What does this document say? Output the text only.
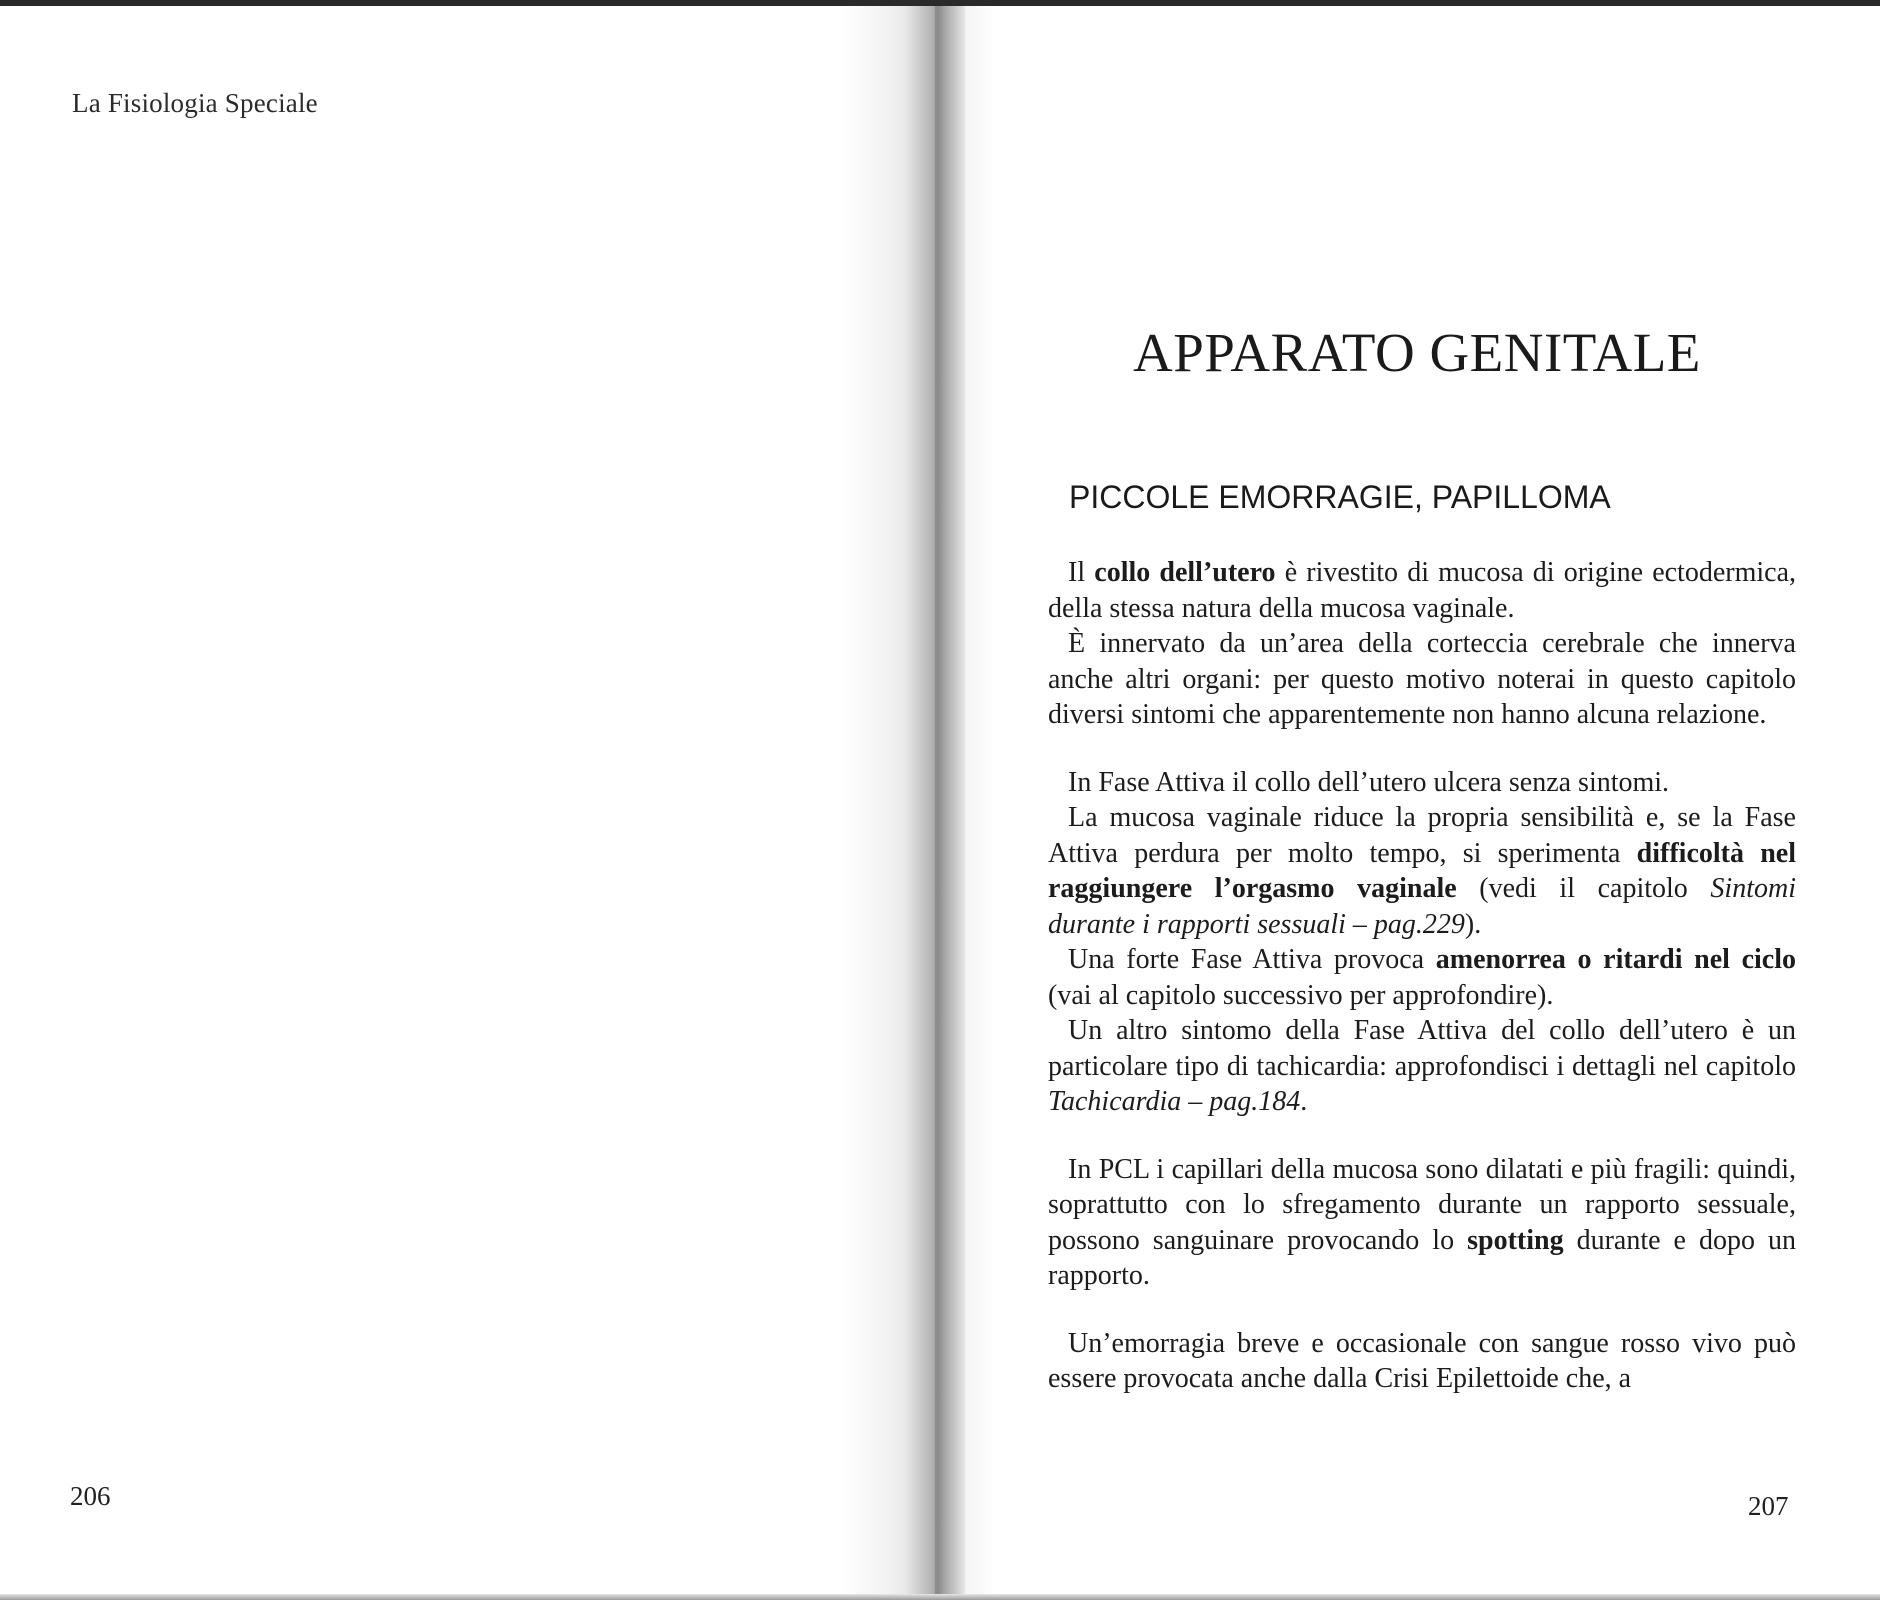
La Fisiologia Speciale
206
APPARATO GENITALE
PICCOLE EMORRAGIE, PAPILLOMA

Il collo dell’utero è rivestito di mucosa di origine ectodermica, della stessa natura della mucosa vaginale.

È innervato da un’area della corteccia cerebrale che innerva anche altri organi: per questo motivo noterai in questo capitolo diversi sintomi che apparentemente non hanno alcuna relazione.

In Fase Attiva il collo dell’utero ulcera senza sintomi.

La mucosa vaginale riduce la propria sensibilità e, se la Fase Attiva perdura per molto tempo, si sperimenta difficoltà nel raggiungere l’orgasmo vaginale (vedi il capitolo Sintomi durante i rapporti sessuali – pag.229).

Una forte Fase Attiva provoca amenorrea o ritardi nel ciclo (vai al capitolo successivo per approfondire).

Un altro sintomo della Fase Attiva del collo dell’utero è un particolare tipo di tachicardia: approfondisci i dettagli nel capitolo Tachicardia – pag.184.

In PCL i capillari della mucosa sono dilatati e più fragili: quindi, soprattutto con lo sfregamento durante un rapporto sessuale, possono sanguinare provocando lo spotting durante e dopo un rapporto.

Un’emorragia breve e occasionale con sangue rosso vivo può essere provocata anche dalla Crisi Epilettoide che, a

207
